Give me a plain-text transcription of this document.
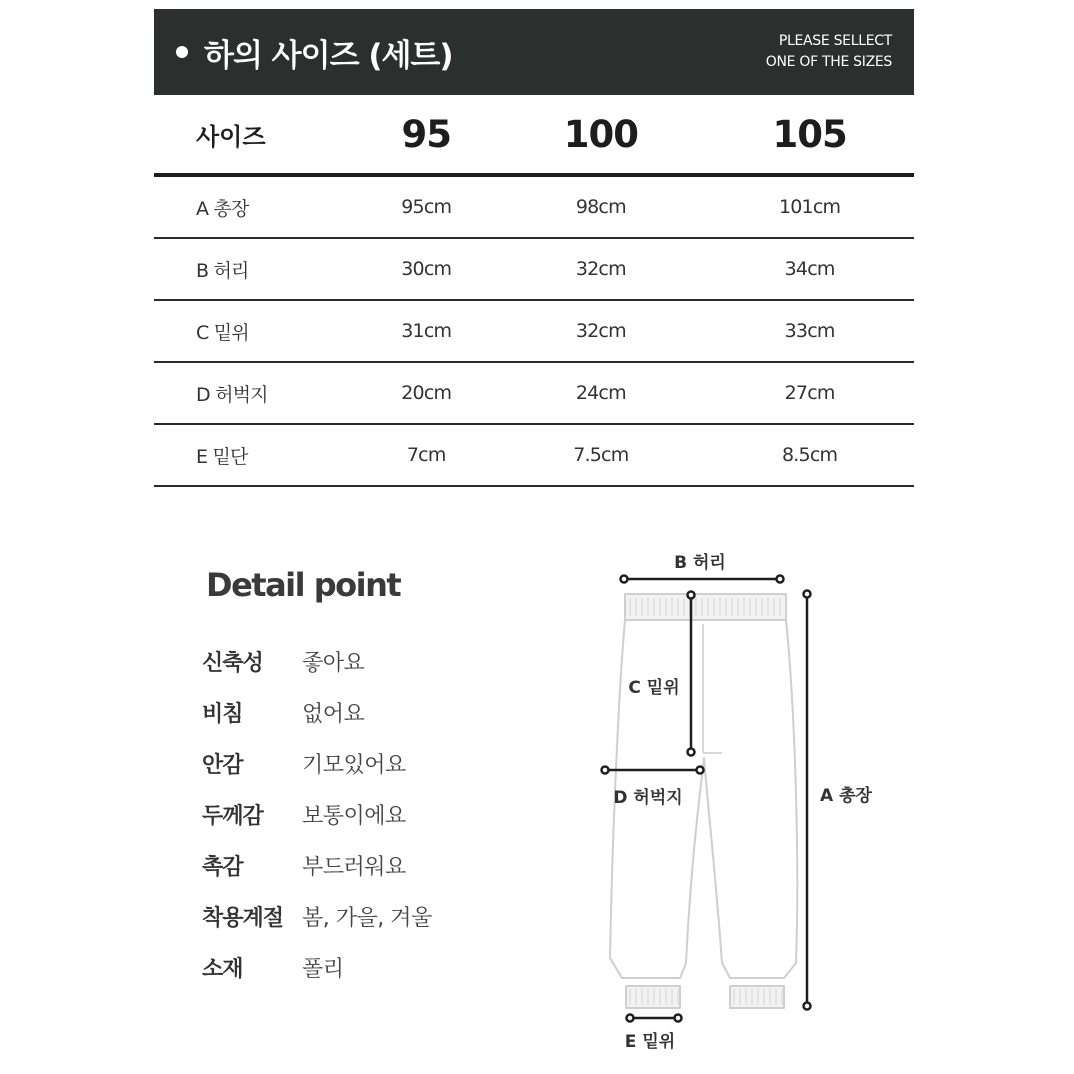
하의 사이즈 (세트)	PLEASE SELLECT
ONE OF THE SIZES
사이즈	95	100	105
A 총장	95cm	98cm	101cm
B 허리	30cm	32cm	34cm
C 밑위	31cm	32cm	33cm
D 허벅지	20cm	24cm	27cm
E 밑단	7cm	7.5cm	8.5cm
Detail point
신축성	좋아요
비침	없어요
안감	기모있어요
두께감	보통이에요
촉감	부드러워요
착용계절 봄, 가을, 겨울
소재	폴리
B 허리
C 밑위
D 허벅지	A 총장
E 밑위
